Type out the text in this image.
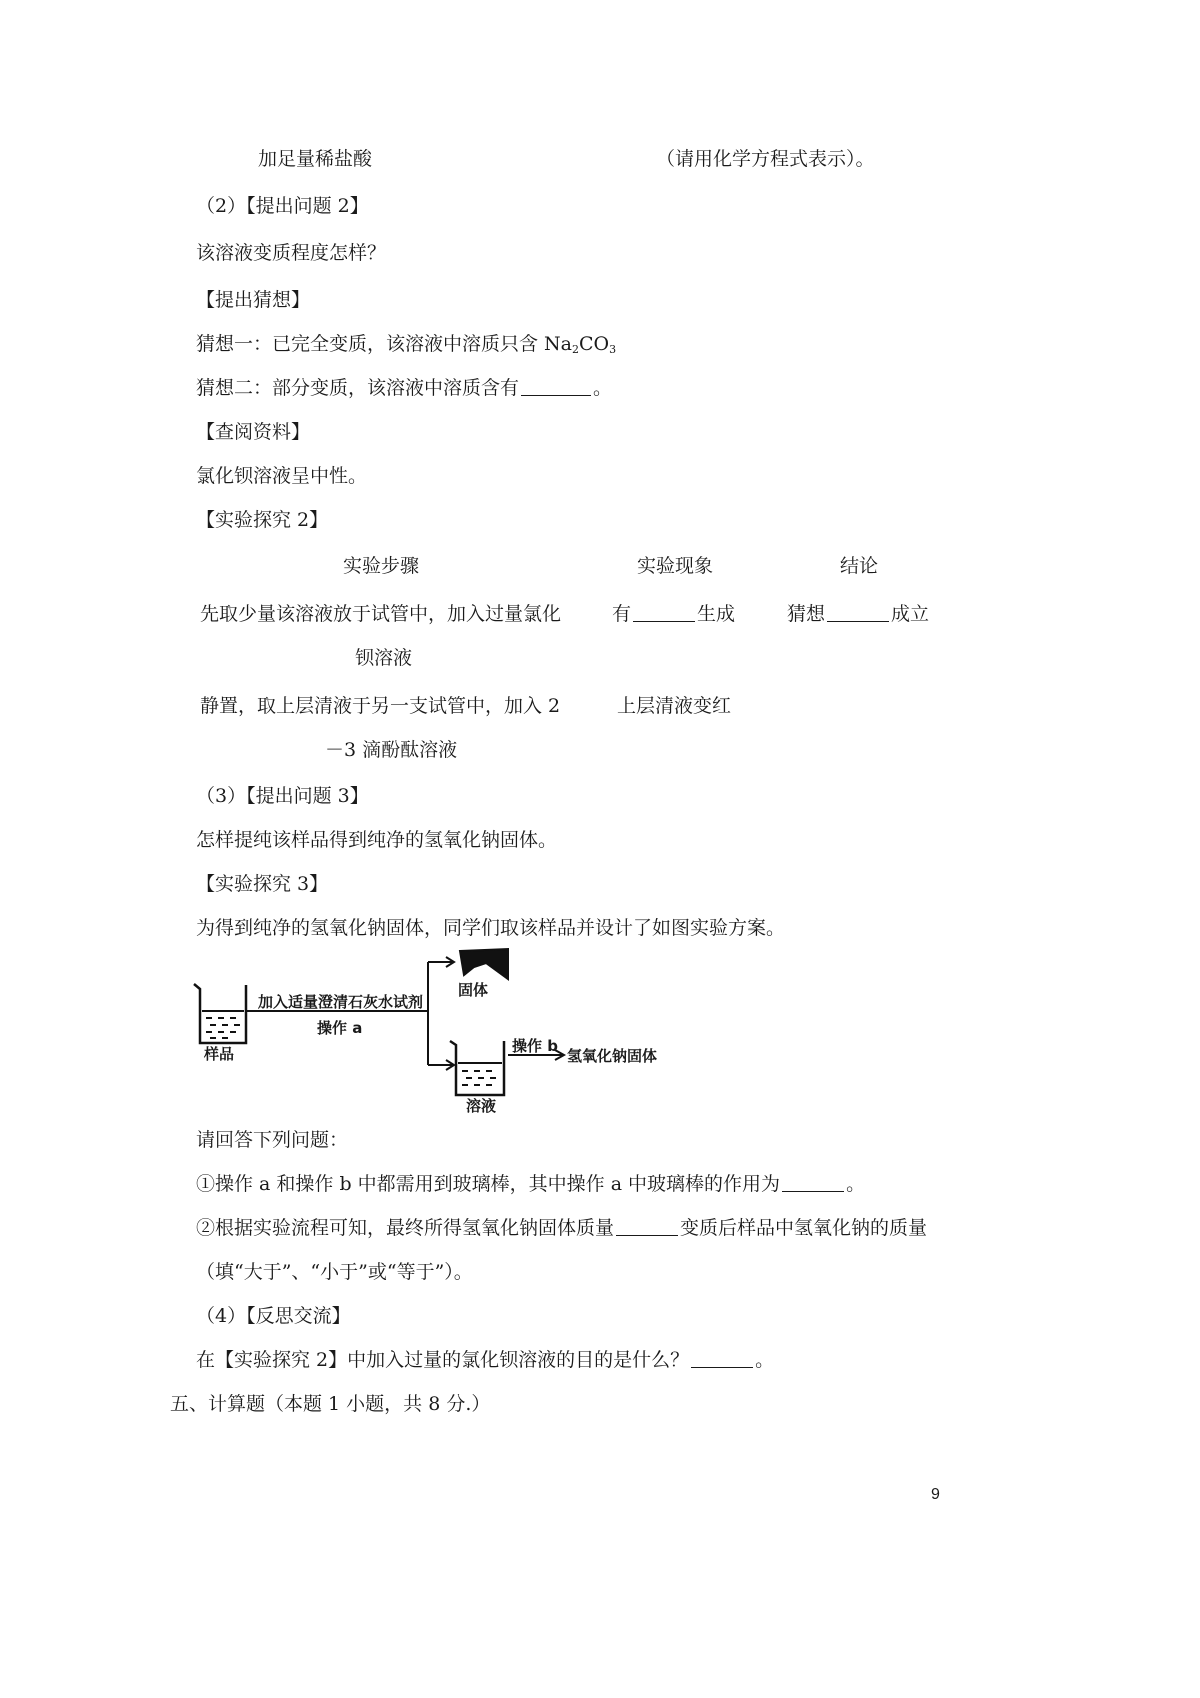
加足量稀盐酸	（请用化学方程式表示）。
（2）【提出问题 2】
该溶液变质程度怎样？
【提出猜想】
猜想一：已完全变质，该溶液中溶质只含 $Na_2CO_3$
猜想二：部分变质，该溶液中溶质含有	。
【查阅资料】
氯化钡溶液呈中性。
【实验探究 2】
实验步骤	实验现象	结论
先取少量该溶液放于试管中，加入过量氯化
钡溶液
有	生成	猜想	成立
静置，取上层清液于另一支试管中，加入 2
－3 滴酚酞溶液
上层清液变红
（3）【提出问题 3】
怎样提纯该样品得到纯净的氢氧化钠固体。
【实验探究 3】
为得到纯净的氢氧化钠固体，同学们取该样品并设计了如图实验方案。
加入适量澄清石灰水试剂
操作 a
样品
固体
操作 b
氢氧化钠固体
溶液
请回答下列问题：
①操作 a 和操作 b 中都需用到玻璃棒，其中操作 a 中玻璃棒的作用为	。
②根据实验流程可知，最终所得氢氧化钠固体质量	变质后样品中氢氧化钠的质量
（填“大于”、“小于”或“等于”）。
（4）【反思交流】
在【实验探究 2】中加入过量的氯化钡溶液的目的是什么？	。
五、计算题（本题 1 小题，共 8 分.）
9
